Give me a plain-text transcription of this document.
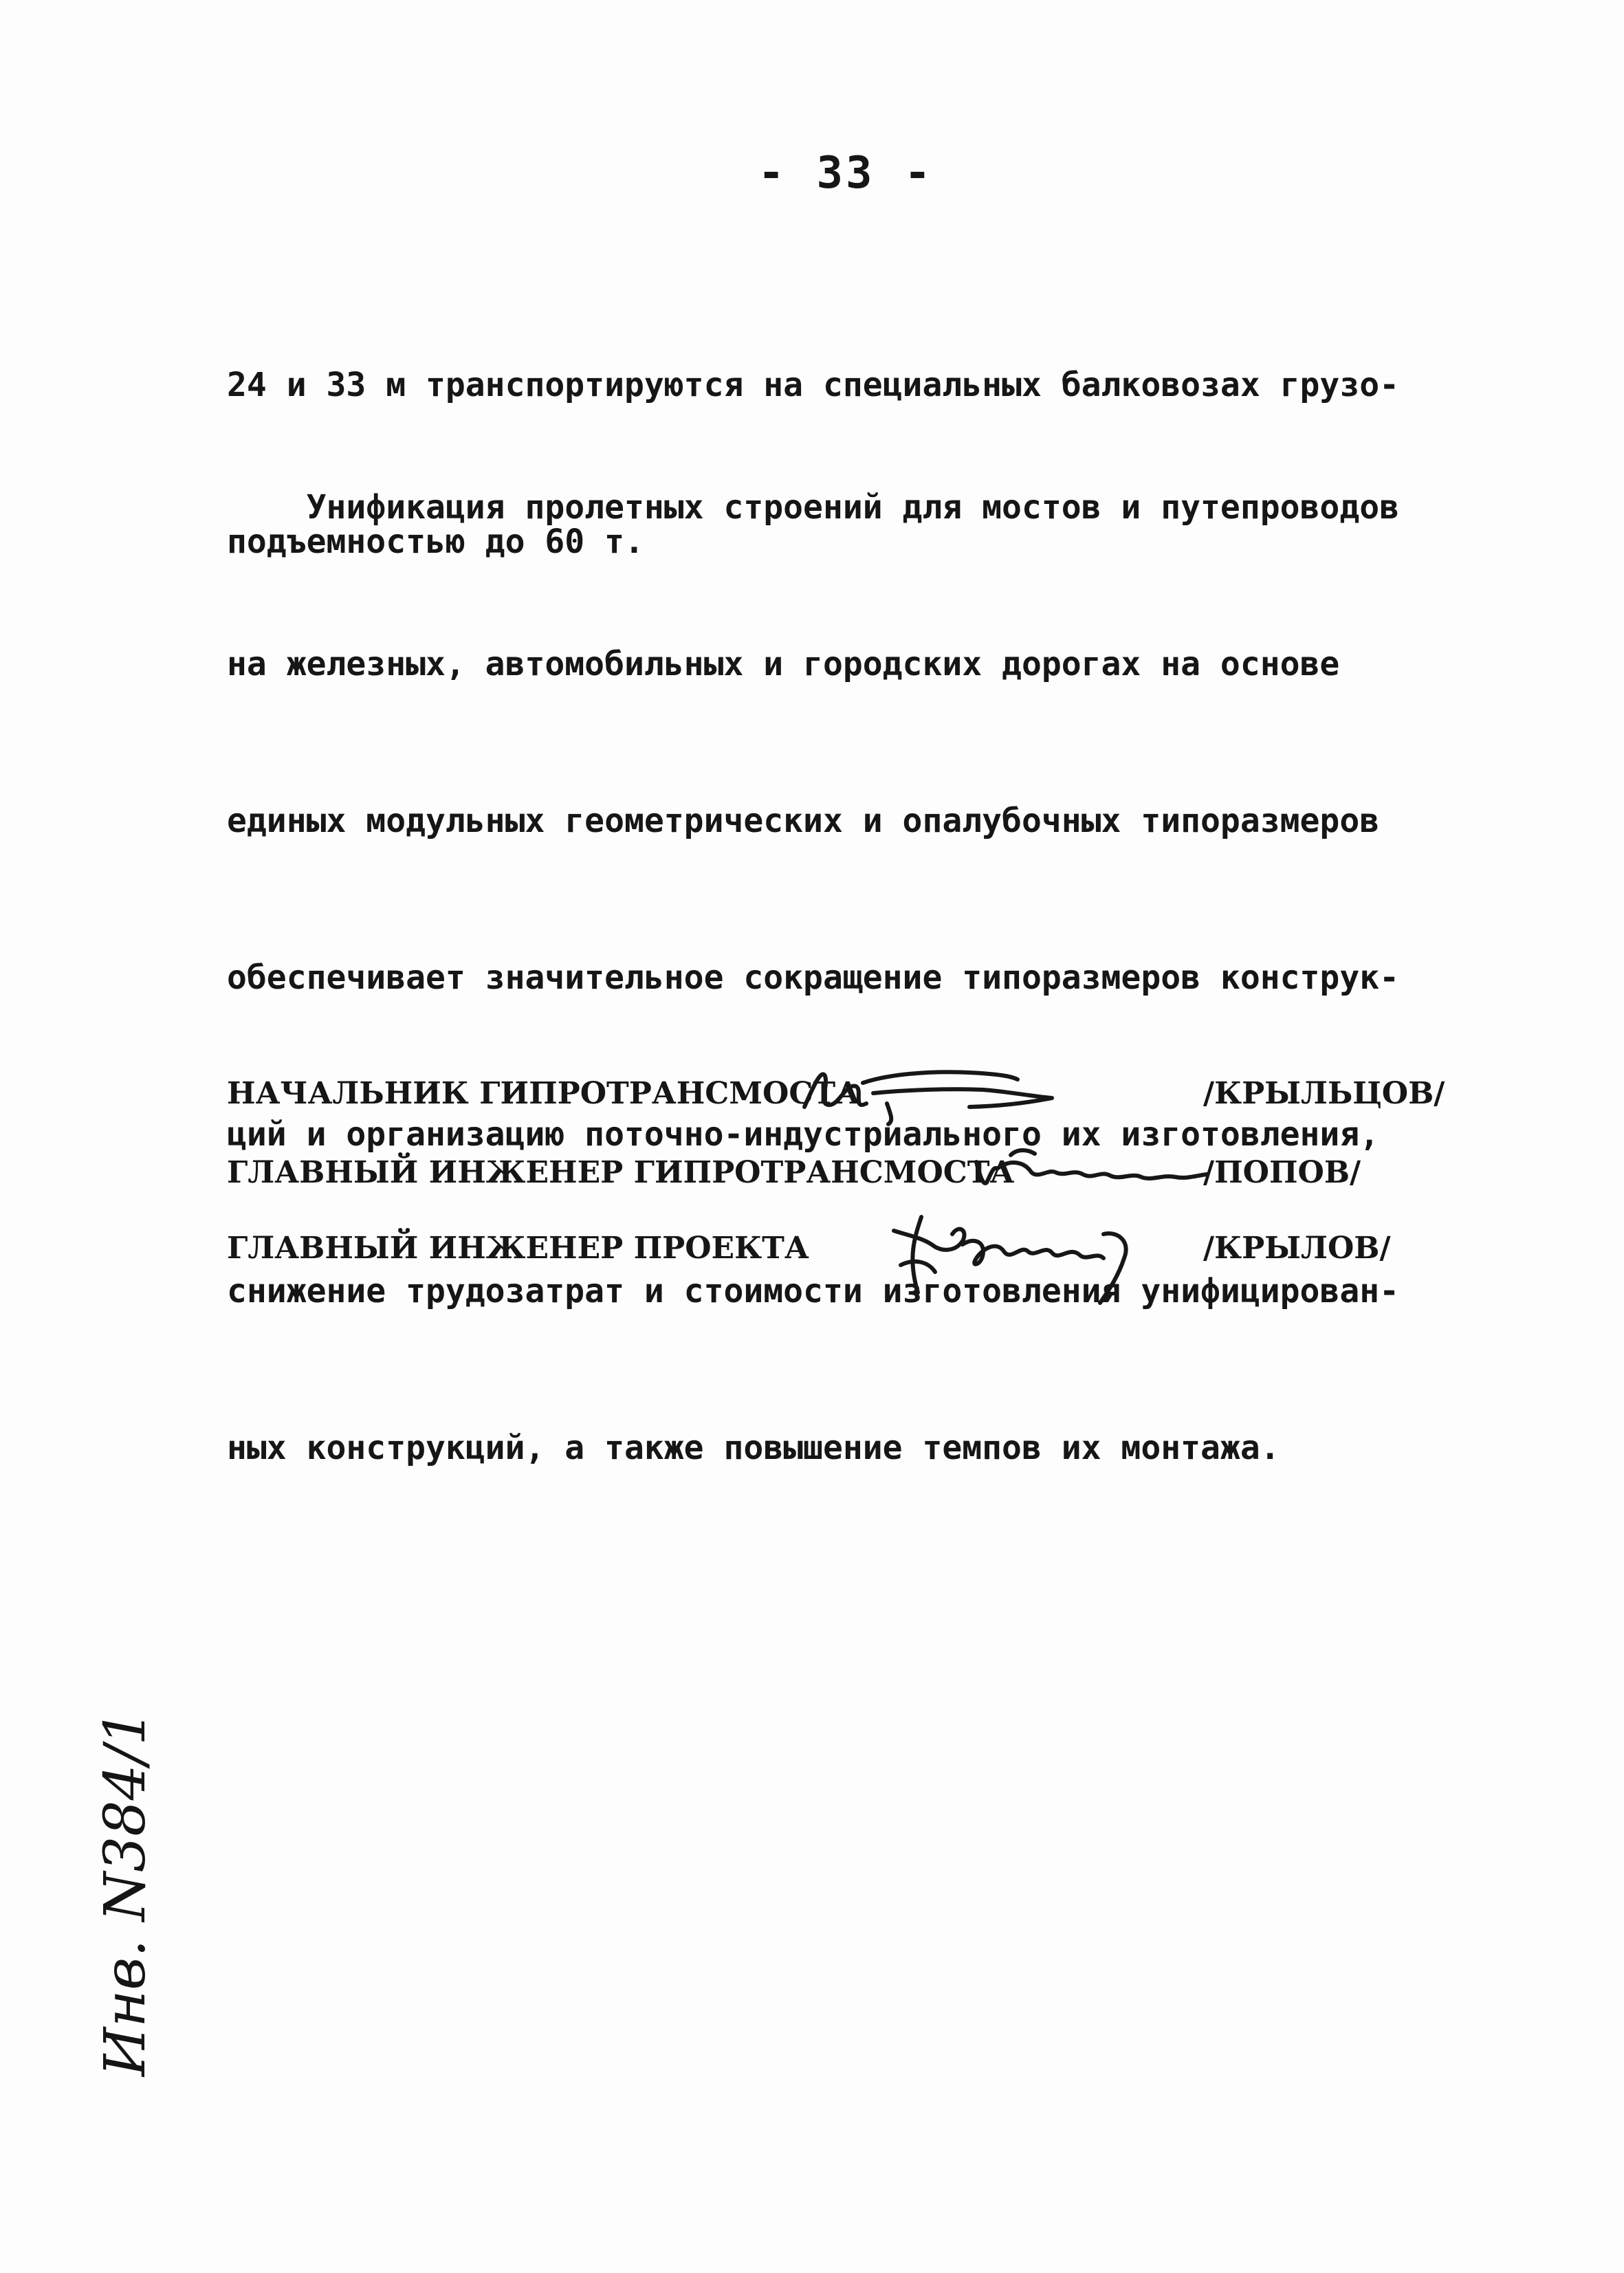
- 33 -

24 и 33 м транспортируются на специальных балковозах грузо-

подъемностью до 60 т.

Унификация пролетных строений для мостов и путепроводов

на железных, автомобильных и городских дорогах на основе

единых модульных геометрических и опалубочных типоразмеров

обеспечивает значительное сокращение типоразмеров конструк-

ций и организацию поточно-индустриального их изготовления,

снижение трудозатрат и стоимости изготовления унифицирован-

ных конструкций, а также повышение темпов их монтажа.

НАЧАЛЬНИК ГИПРОТРАНСМОСТА	/КРЫЛЬЦОВ/
ГЛАВНЫЙ ИНЖЕНЕР ГИПРОТРАНСМОСТА	/ПОПОВ/
ГЛАВНЫЙ ИНЖЕНЕР ПРОЕКТА	/КРЫЛОВ/
Инв. N384/1
